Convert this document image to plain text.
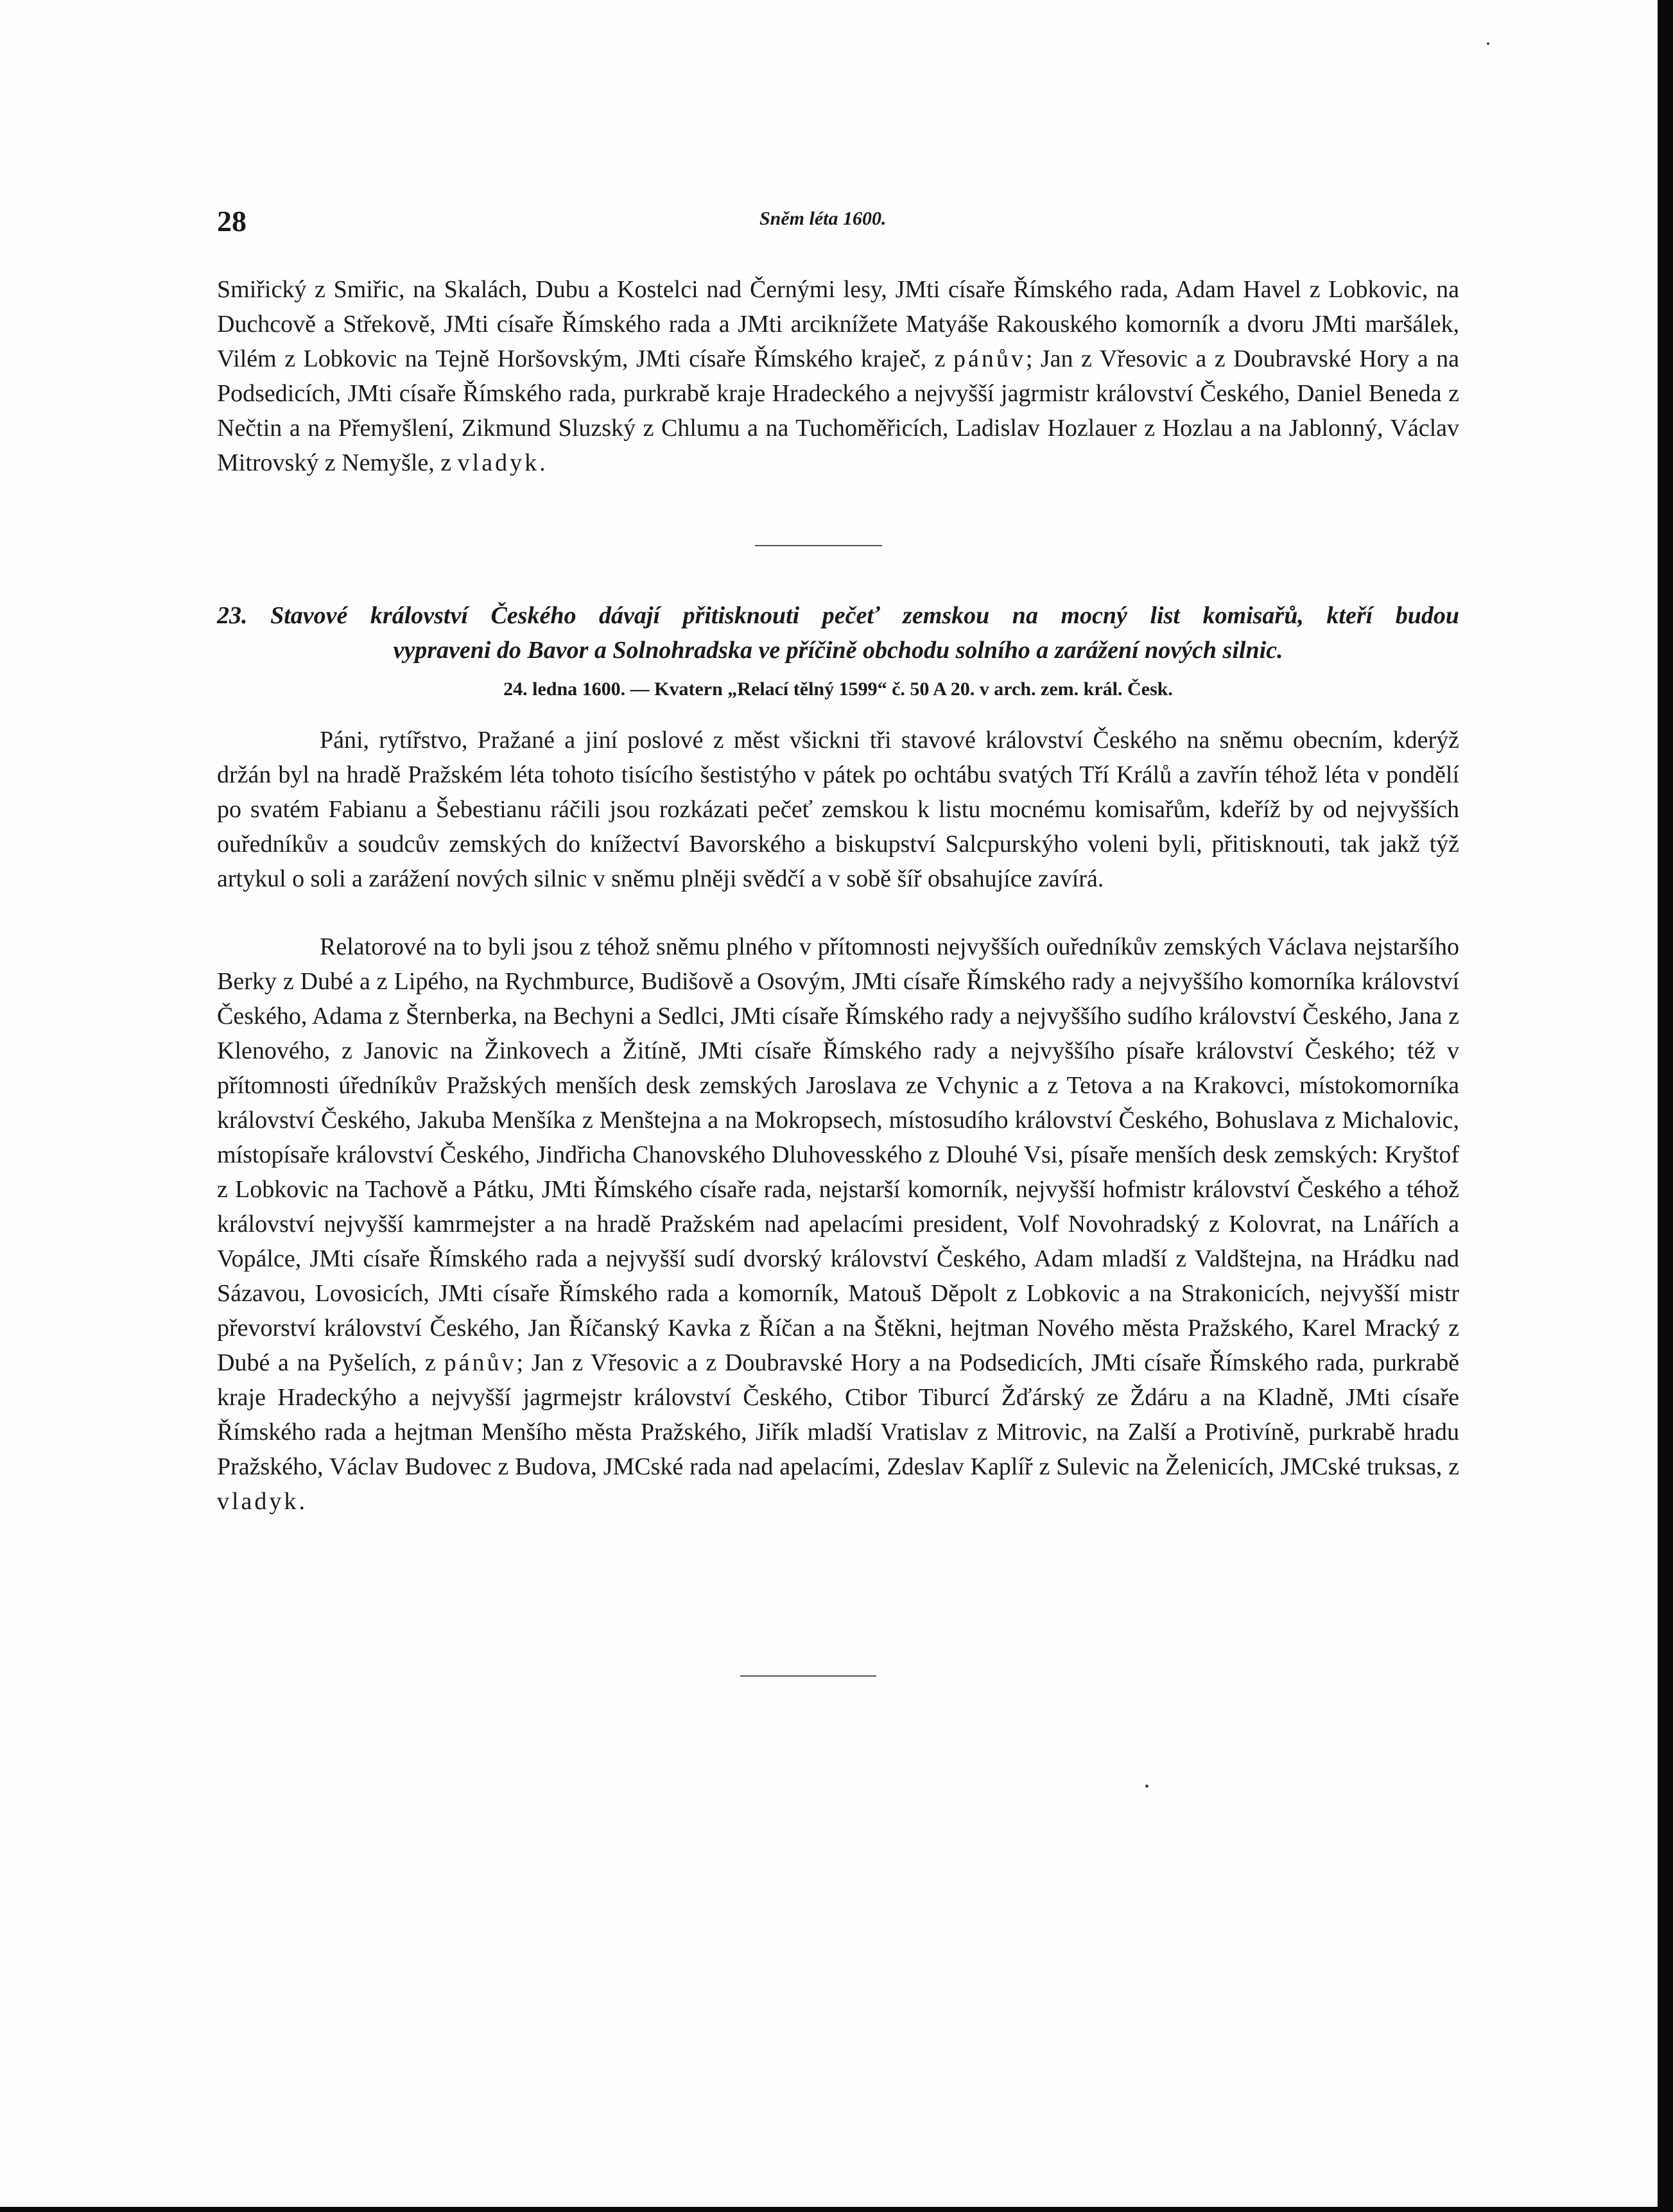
28	Sněm léta 1600.

Smiřický z Smiřic, na Skalách, Dubu a Kostelci nad Černými lesy, JMti císaře Římského rada, Adam Havel z Lobkovic, na Duchcově a Střekově, JMti císaře Římského rada a JMti arciknížete Matyáše Rakouského komorník a dvoru JMti maršálek, Vilém z Lobkovic na Tejně Horšovským, JMti císaře Římského kraječ, z pánův; Jan z Vřesovic a z Doubravské Hory a na Podsedicích, JMti císaře Římského rada, purkrabě kraje Hradeckého a nejvyšší jagrmistr království Českého, Daniel Beneda z Nečtin a na Přemyšlení, Zikmund Sluzský z Chlumu a na Tuchoměřicích, Ladislav Hozlauer z Hozlau a na Jablonný, Václav Mitrovský z Nemyšle, z vladyk.

23. Stavové království Českého dávají přitisknouti pečeť zemskou na mocný list komisařů, kteří budou
vypraveni do Bavor a Solnohradska ve příčině obchodu solního a zarážení nových silnic.

24. ledna 1600. — Kvatern „Relací tělný 1599“ č. 50 A 20. v arch. zem. král. Česk.

Páni, rytířstvo, Pražané a jiní poslové z měst všickni tři stavové království Českého na sněmu obecním, kderýž držán byl na hradě Pražském léta tohoto tisícího šestistýho v pátek po ochtábu svatých Tří Králů a zavřín téhož léta v pondělí po svatém Fabianu a Šebestianu ráčili jsou rozkázati pečeť zemskou k listu mocnému komisařům, kdeříž by od nejvyšších ouředníkův a soudcův zemských do knížectví Bavorského a biskupství Salcpurskýho voleni byli, přitisknouti, tak jakž týž artykul o soli a zarážení nových silnic v sněmu plněji svědčí a v sobě šíř obsahujíce zavírá.

Relatorové na to byli jsou z téhož sněmu plného v přítomnosti nejvyšších ouředníkův zemských Václava nejstaršího Berky z Dubé a z Lipého, na Rychmburce, Budišově a Osovým, JMti císaře Římského rady a nejvyššího komorníka království Českého, Adama z Šternberka, na Bechyni a Sedlci, JMti císaře Římského rady a nejvyššího sudího království Českého, Jana z Klenového, z Janovic na Žinkovech a Žitíně, JMti císaře Římského rady a nejvyššího písaře království Českého; též v přítomnosti úředníkův Pražských menších desk zemských Jaroslava ze Vchynic a z Tetova a na Krakovci, místokomorníka království Českého, Jakuba Menšíka z Menštejna a na Mokropsech, místosudího království Českého, Bohuslava z Michalovic, místopísaře království Českého, Jindřicha Chanovského Dluhovesského z Dlouhé Vsi, písaře menších desk zemských: Kryštof z Lobkovic na Tachově a Pátku, JMti Římského císaře rada, nejstarší komorník, nejvyšší hofmistr království Českého a téhož království nejvyšší kamrmejster a na hradě Pražském nad apelacími president, Volf Novohradský z Kolovrat, na Lnářích a Vopálce, JMti císaře Římského rada a nejvyšší sudí dvorský království Českého, Adam mladší z Valdštejna, na Hrádku nad Sázavou, Lovosicích, JMti císaře Římského rada a komorník, Matouš Děpolt z Lobkovic a na Strakonicích, nejvyšší mistr převorství království Českého, Jan Říčanský Kavka z Říčan a na Štěkni, hejtman Nového města Pražského, Karel Mracký z Dubé a na Pyšelích, z pánův; Jan z Vřesovic a z Doubravské Hory a na Podsedicích, JMti císaře Římského rada, purkrabě kraje Hradeckýho a nejvyšší jagrmejstr království Českého, Ctibor Tiburcí Žďárský ze Ždáru a na Kladně, JMti císaře Římského rada a hejtman Menšího města Pražského, Jiřík mladší Vratislav z Mitrovic, na Zalší a Protivíně, purkrabě hradu Pražského, Václav Budovec z Budova, JMCské rada nad apelacími, Zdeslav Kaplíř z Sulevic na Želenicích, JMCské truksas, z vladyk.
